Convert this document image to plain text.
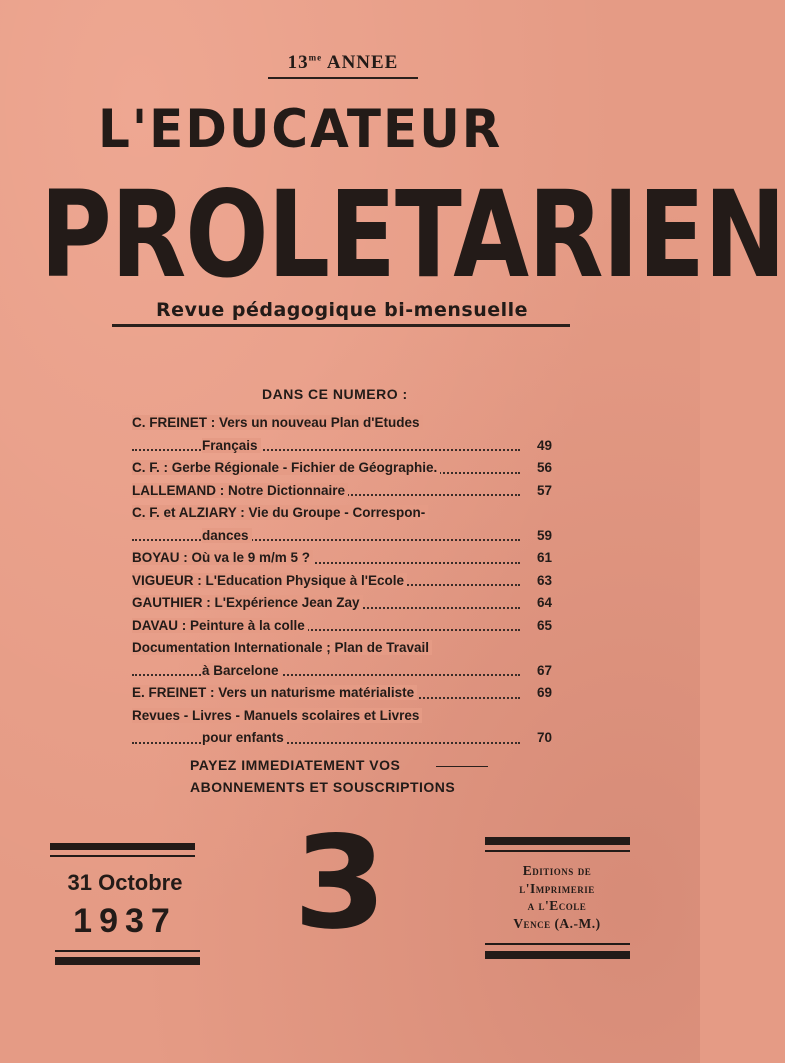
$13^{me}$ ANNEE
L'EDUCATEUR
PROLETARIEN
Revue pédagogique bi-mensuelle
DANS CE NUMERO :
C. FREINET : Vers un nouveau Plan d'Etudes
Français	49
C. F. : Gerbe Régionale - Fichier de Géographie.	56
LALLEMAND : Notre Dictionnaire	57
C. F. et ALZIARY : Vie du Groupe - Correspon-
dances	59
BOYAU : Où va le 9 m/m 5 ?	61
VIGUEUR : L'Education Physique à l'Ecole	63
GAUTHIER : L'Expérience Jean Zay	64
DAVAU : Peinture à la colle	65
Documentation Internationale ; Plan de Travail
à Barcelone	67
E. FREINET : Vers un naturisme matérialiste	69
Revues - Livres - Manuels scolaires et Livres
pour enfants	70
PAYEZ IMMEDIATEMENT VOS
ABONNEMENTS ET SOUSCRIPTIONS
31 Octobre
1937 3	Editions de
l'Imprimerie
a l'Ecole
Vence (A.-M.)
